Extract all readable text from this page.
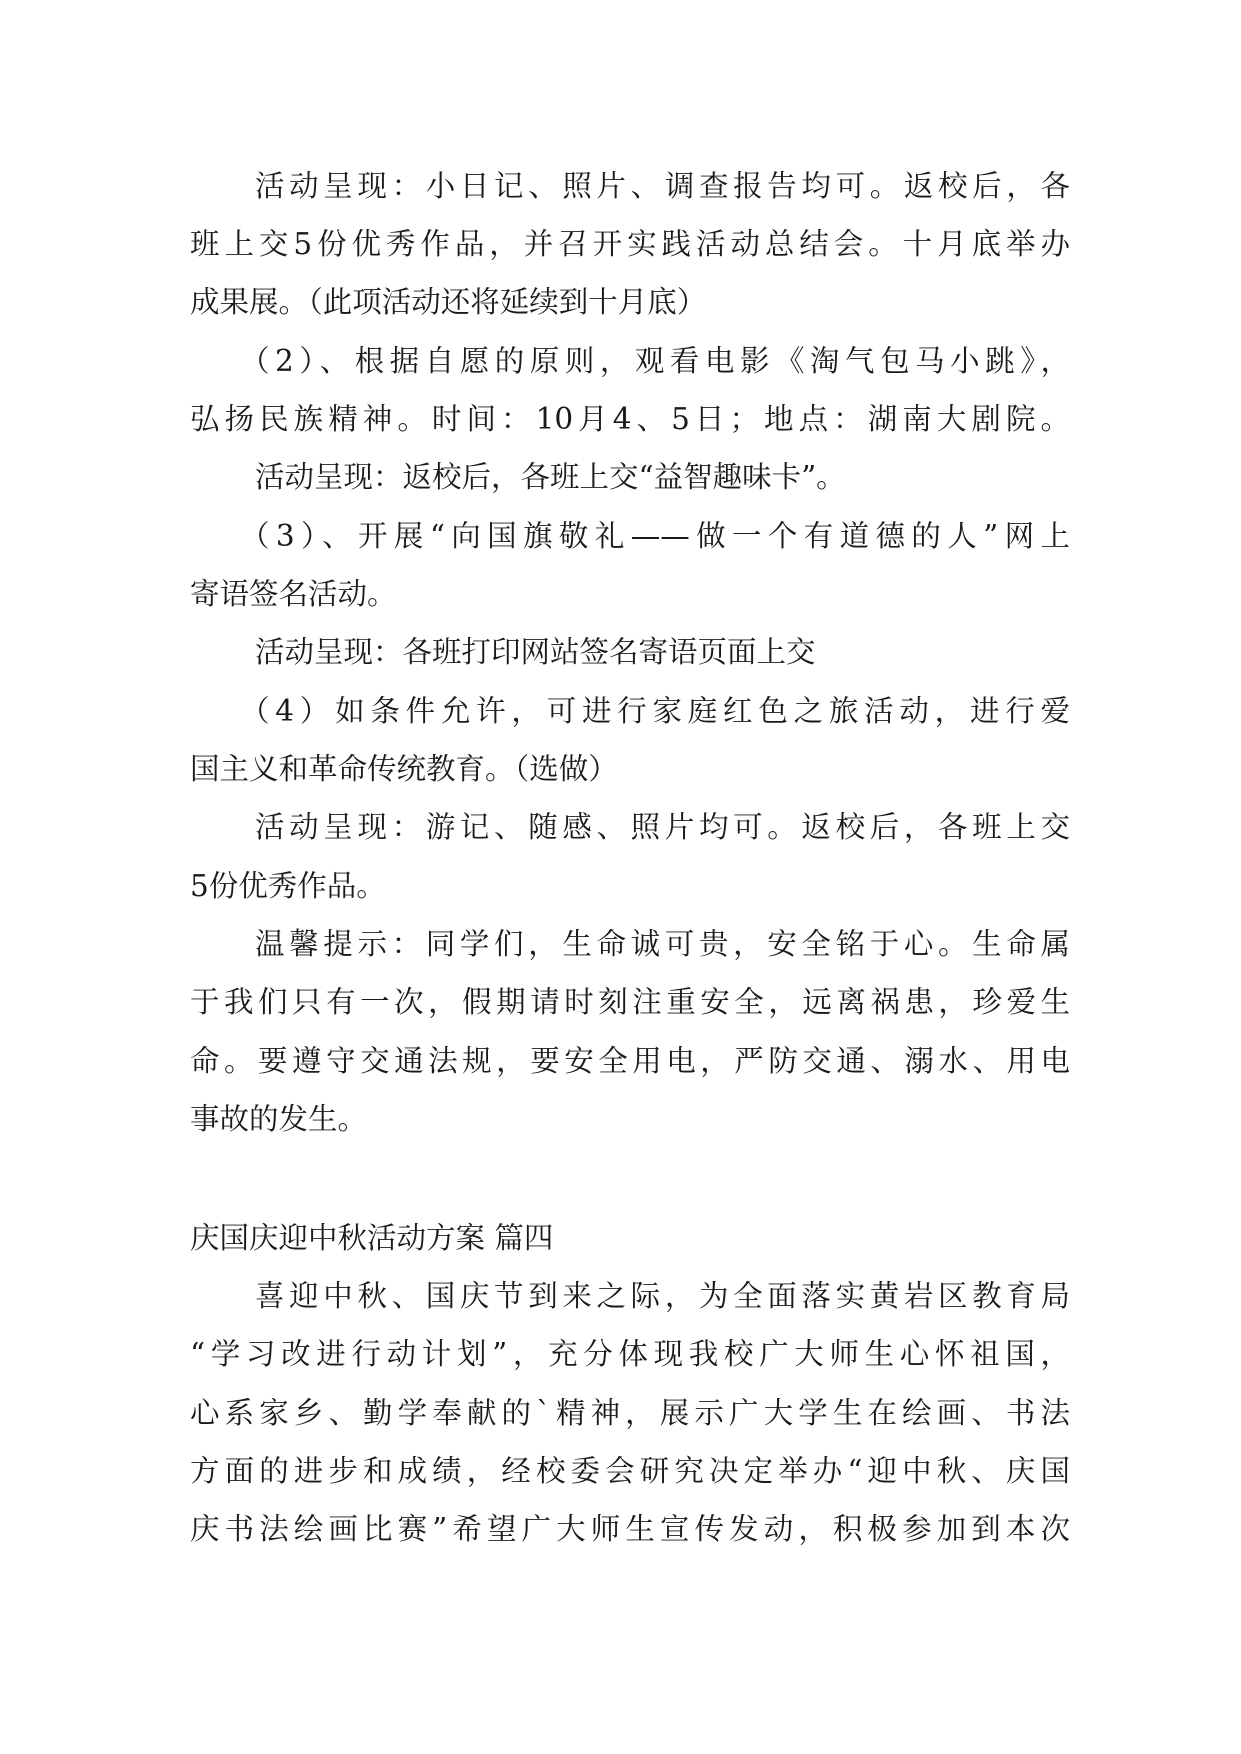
活动呈现：小日记、照片、调查报告均可。返校后，各
班上交5份优秀作品，并召开实践活动总结会。十月底举办
成果展。（此项活动还将延续到十月底）
（2）、根据自愿的原则，观看电影《淘气包马小跳》，
弘扬民族精神。时间：10月4、5日；地点：湖南大剧院。
活动呈现：返校后，各班上交“益智趣味卡”。
（3）、开展“向国旗敬礼——做一个有道德的人”网上
寄语签名活动。
活动呈现：各班打印网站签名寄语页面上交
（4）如条件允许，可进行家庭红色之旅活动，进行爱
国主义和革命传统教育。（选做）
活动呈现：游记、随感、照片均可。返校后，各班上交
5份优秀作品。
温馨提示：同学们，生命诚可贵，安全铭于心。生命属
于我们只有一次，假期请时刻注重安全，远离祸患，珍爱生
命。要遵守交通法规，要安全用电，严防交通、溺水、用电
事故的发生。
庆国庆迎中秋活动方案 篇四
喜迎中秋、国庆节到来之际，为全面落实黄岩区教育局
“学习改进行动计划”，充分体现我校广大师生心怀祖国，
心系家乡、勤学奉献的`精神，展示广大学生在绘画、书法
方面的进步和成绩，经校委会研究决定举办“迎中秋、庆国
庆书法绘画比赛”希望广大师生宣传发动，积极参加到本次
